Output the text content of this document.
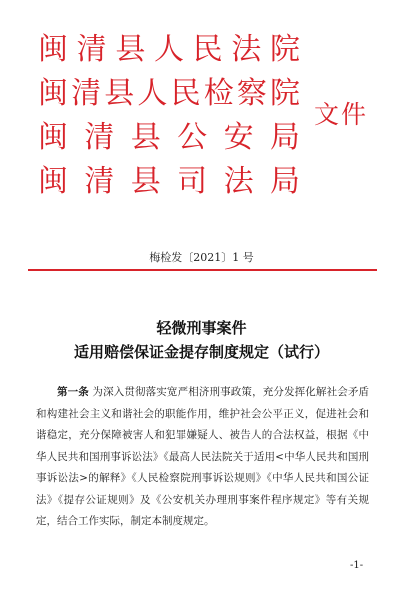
闽 清 县 人 民 法 院
闽 清 县 人 民 检 察 院
闽 清 县 公 安 局
闽 清 县 司 法 局
文件
梅检发〔2021〕1 号
轻微刑事案件
适用赔偿保证金提存制度规定（试行）
第一条 为深入贯彻落实宽严相济刑事政策，充分发挥化解社会矛盾和构建社会主义和谐社会的职能作用，维护社会公平正义，促进社会和谐稳定，充分保障被害人和犯罪嫌疑人、被告人的合法权益，根据《中华人民共和国刑事诉讼法》《最高人民法院关于适用<中华人民共和国刑事诉讼法>的解释》《人民检察院刑事诉讼规则》《中华人民共和国公证法》《提存公证规则》及《公安机关办理刑事案件程序规定》等有关规定，结合工作实际，制定本制度规定。
-1-
